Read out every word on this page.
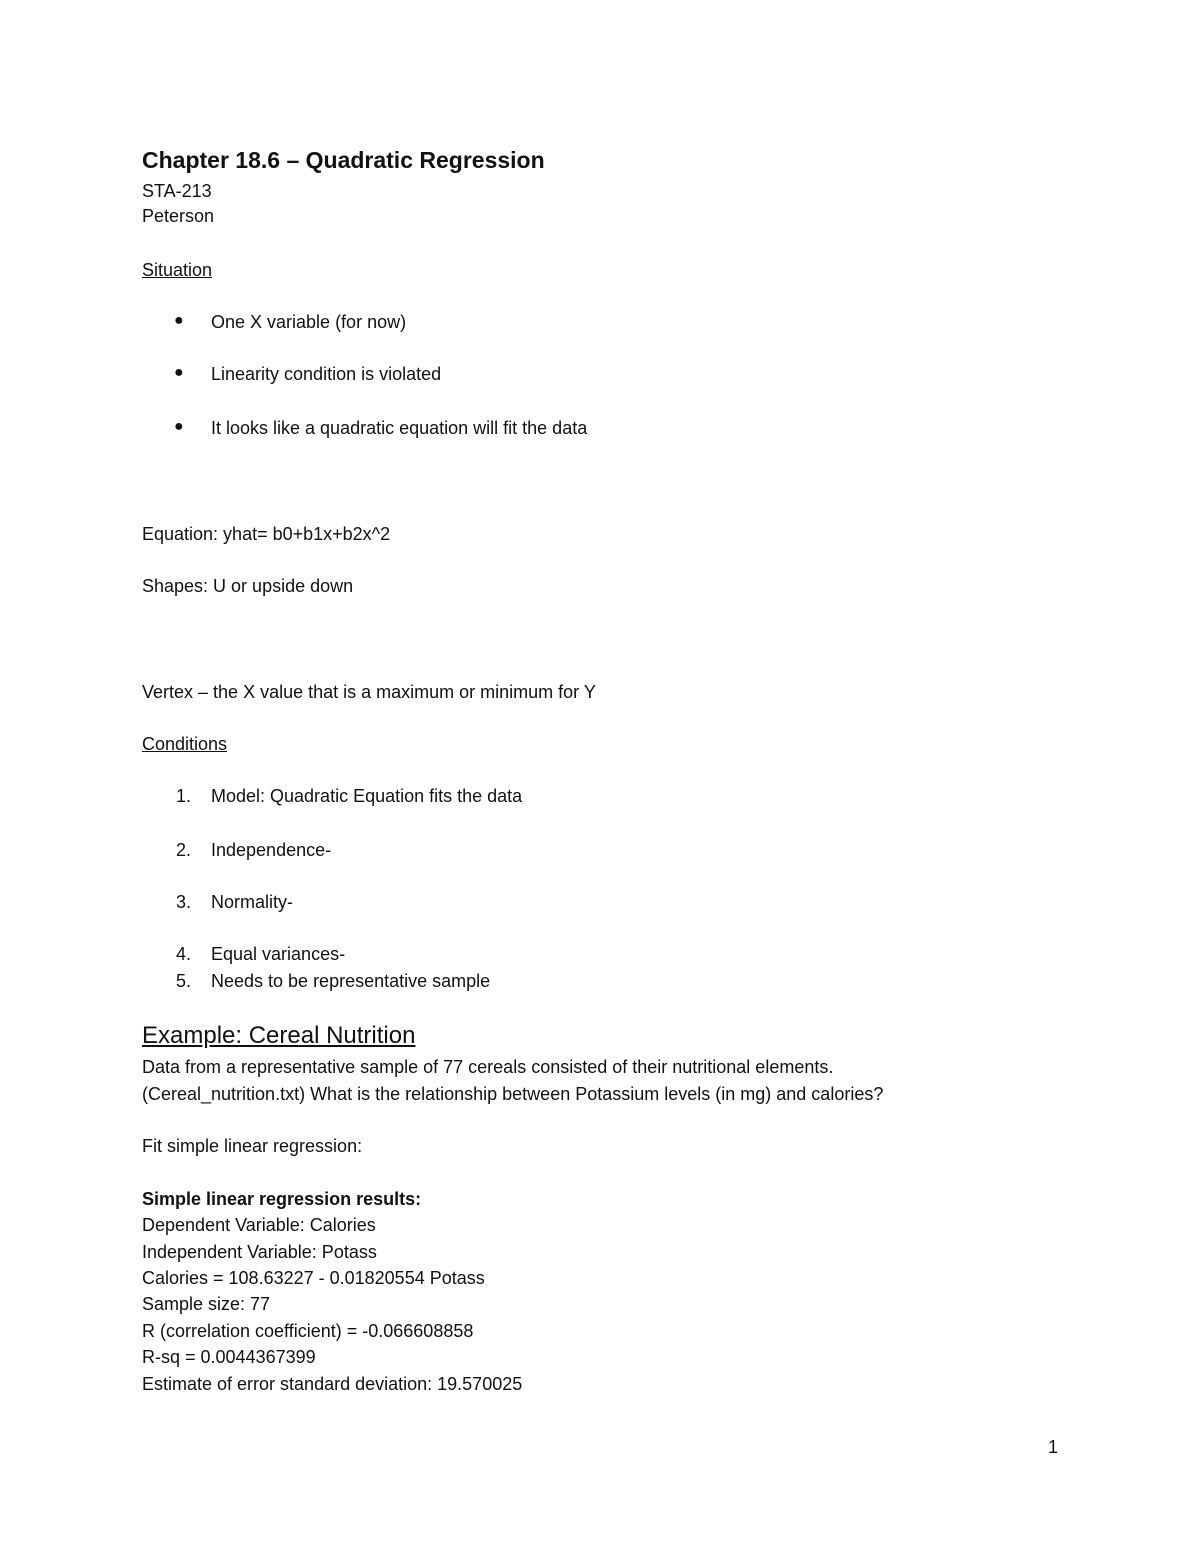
Chapter 18.6 – Quadratic Regression
STA-213
Peterson
Situation
● One X variable (for now)
● Linearity condition is violated
● It looks like a quadratic equation will fit the data
Equation: yhat= b0+b1x+b2x^2
Shapes: U or upside down
Vertex – the X value that is a maximum or minimum for Y
Conditions
1. Model: Quadratic Equation fits the data
2. Independence-
3. Normality-
4. Equal variances-
5. Needs to be representative sample
Example: Cereal Nutrition
Data from a representative sample of 77 cereals consisted of their nutritional elements.
(Cereal_nutrition.txt) What is the relationship between Potassium levels (in mg) and calories?
Fit simple linear regression:
Simple linear regression results:
Dependent Variable: Calories
Independent Variable: Potass
Calories = 108.63227 - 0.01820554 Potass
Sample size: 77
R (correlation coefficient) = -0.066608858
R-sq = 0.0044367399
Estimate of error standard deviation: 19.570025
1
